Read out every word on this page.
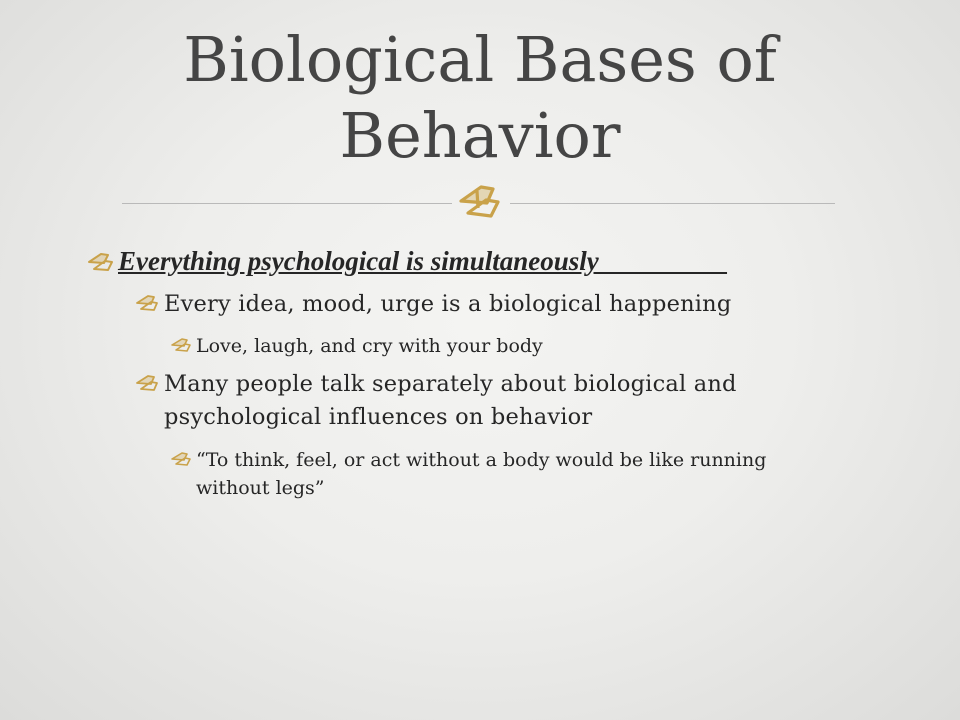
Biological Bases of Behavior
Everything psychological is simultaneously _________
Every idea, mood, urge is a biological happening
Love, laugh, and cry with your body
Many people talk separately about biological and psychological influences on behavior
“To think, feel, or act without a body would be like running without legs”
